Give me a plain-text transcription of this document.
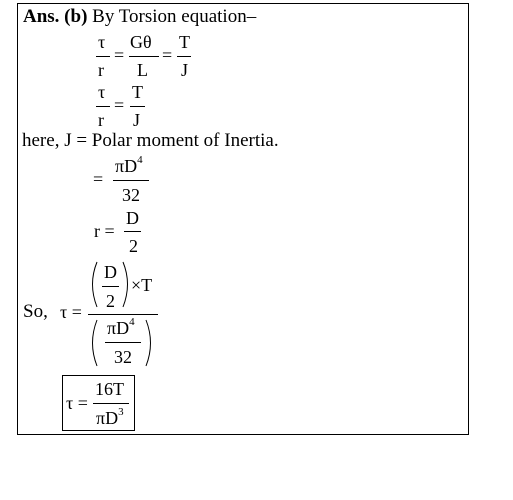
Ans. (b) By Torsion equation–
τ
r
=
Gθ
L
=
T
J
τ
r
=
T
J
here, J = Polar moment of Inertia.
=
$\pi D^4$
32
r =
D
2
So, τ =
D
2
×T
$\pi D^4$
32
τ =
16T
$\pi D^3$
